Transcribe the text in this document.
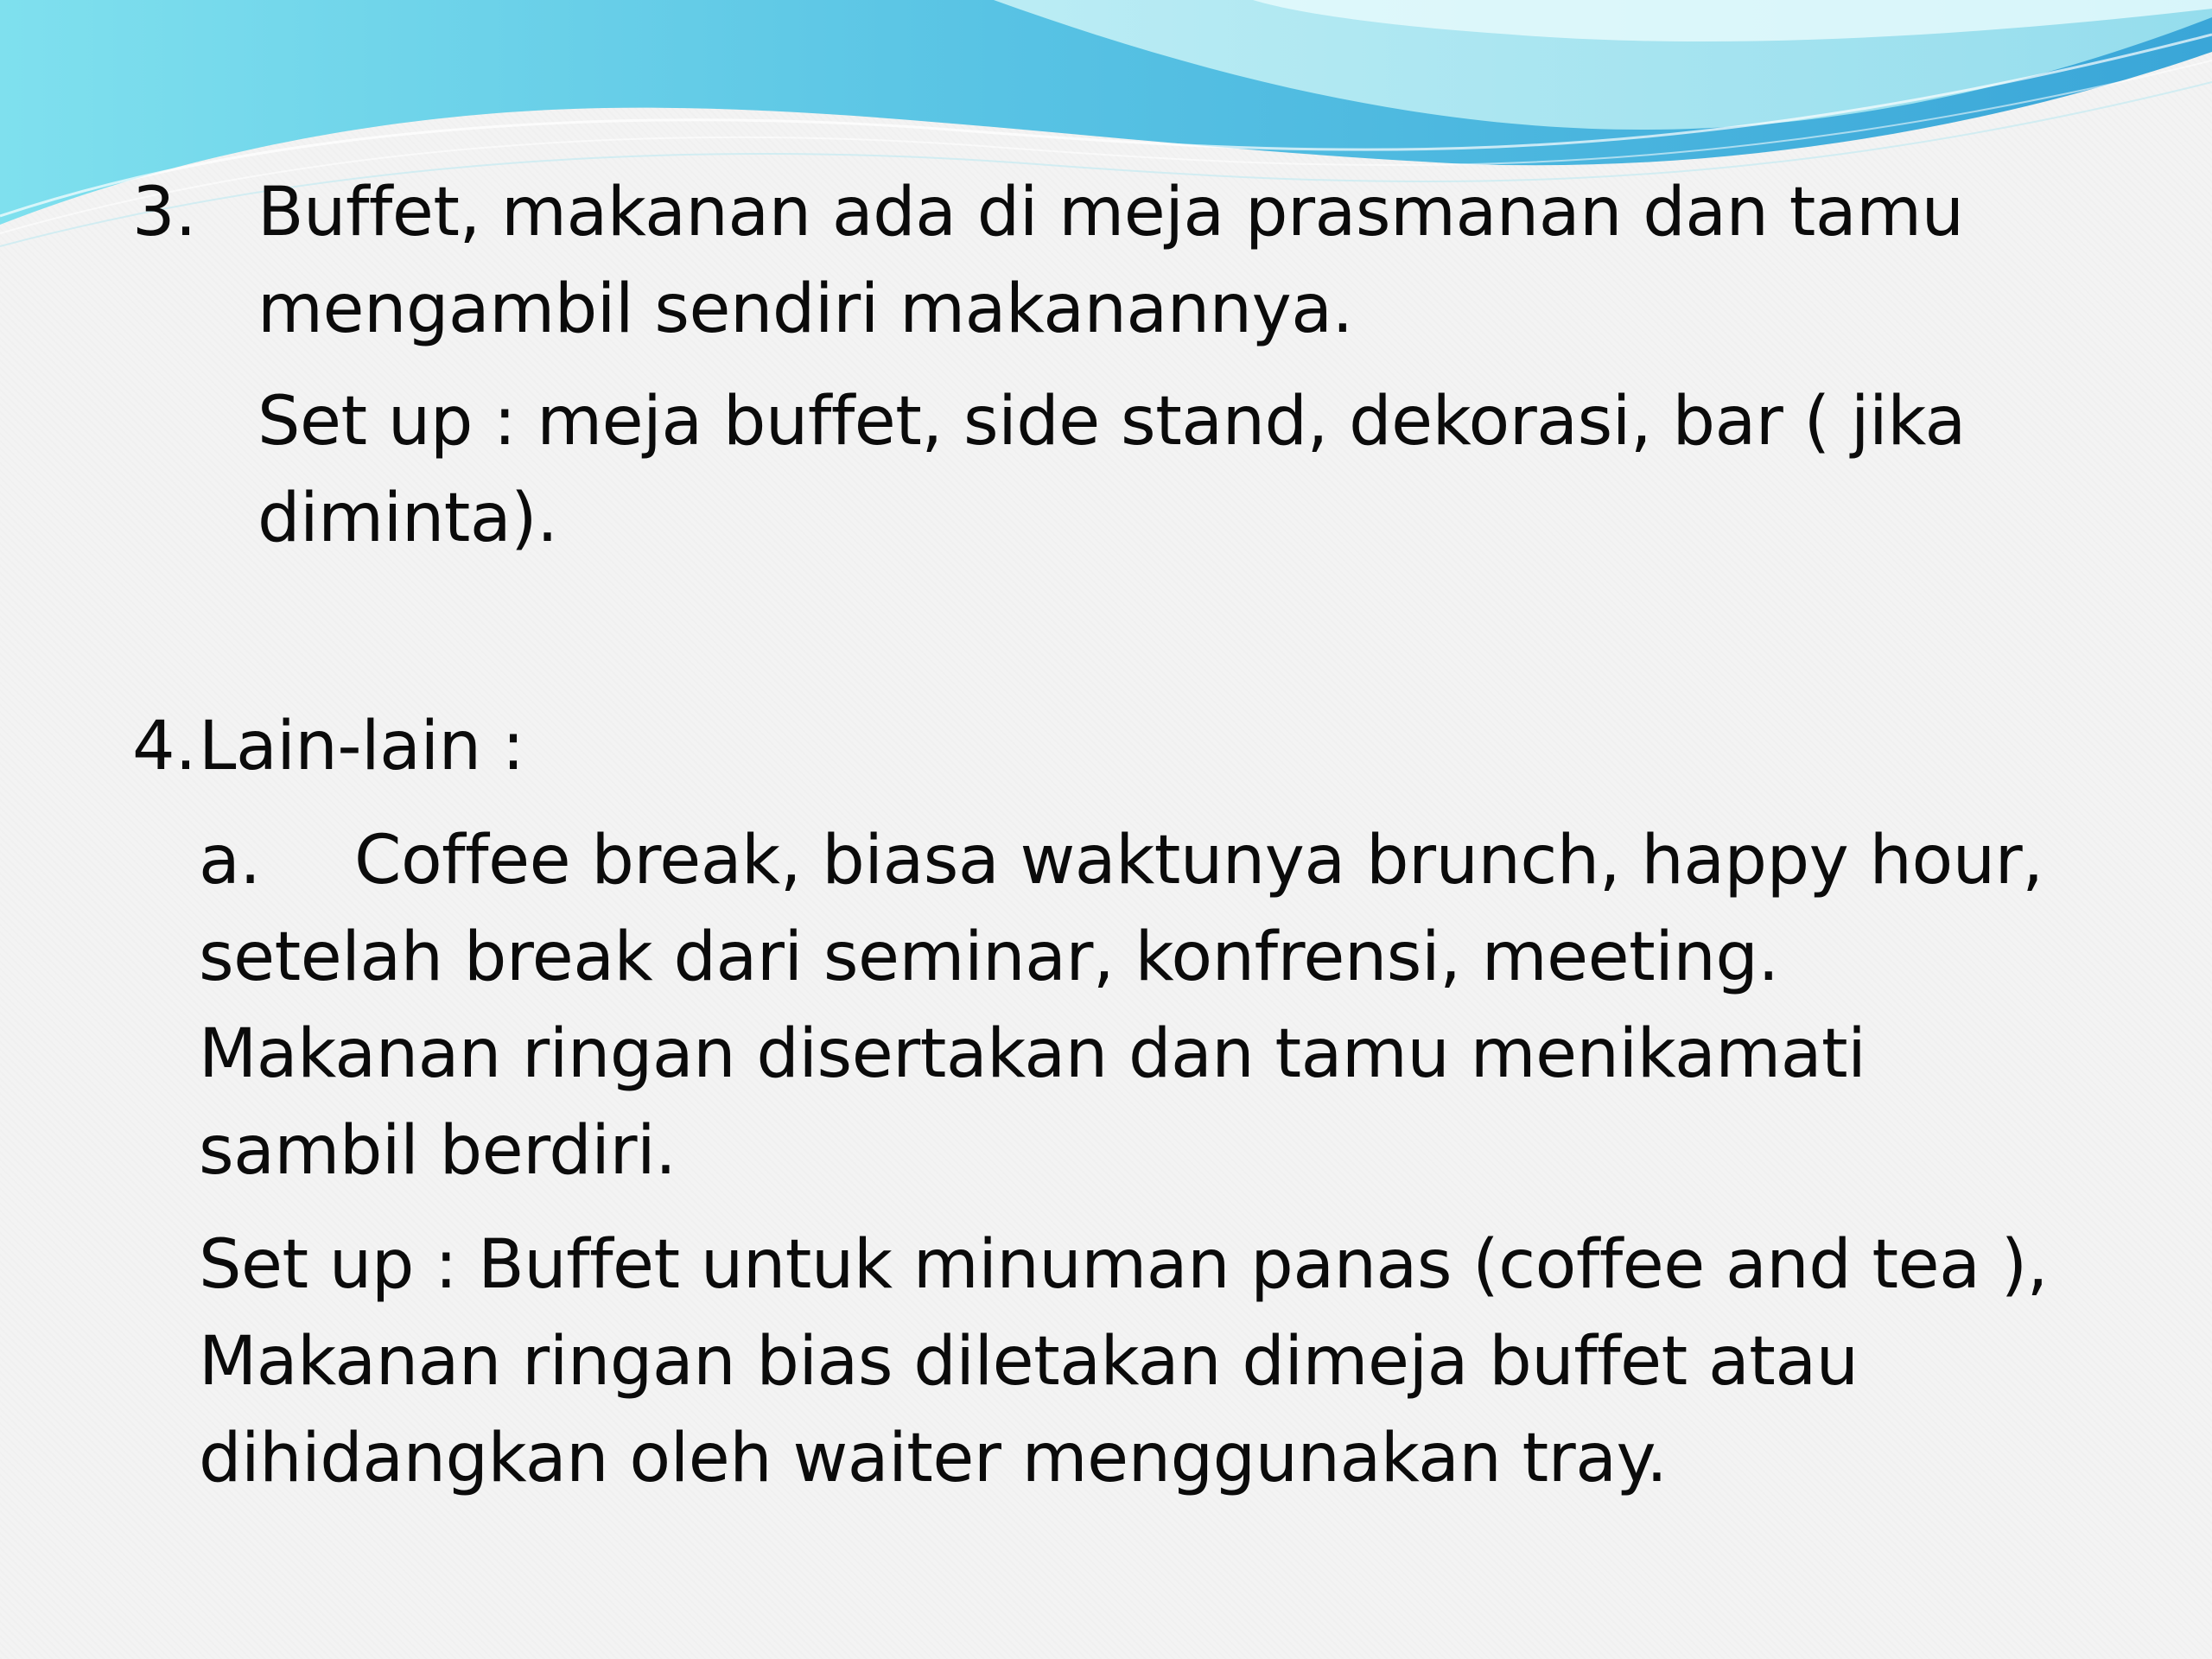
3. Buffet, makanan ada di meja prasmanan dan tamu
mengambil sendiri makanannya.
Set up : meja buffet, side stand, dekorasi, bar ( jika
diminta).
4. Lain-lain :
a. Coffee break, biasa waktunya brunch, happy hour,
setelah break dari seminar, konfrensi, meeting.
Makanan ringan disertakan dan tamu menikamati
sambil berdiri.
Set up : Buffet untuk minuman panas (coffee and tea ),
Makanan ringan bias diletakan dimeja buffet atau
dihidangkan oleh waiter menggunakan tray.
